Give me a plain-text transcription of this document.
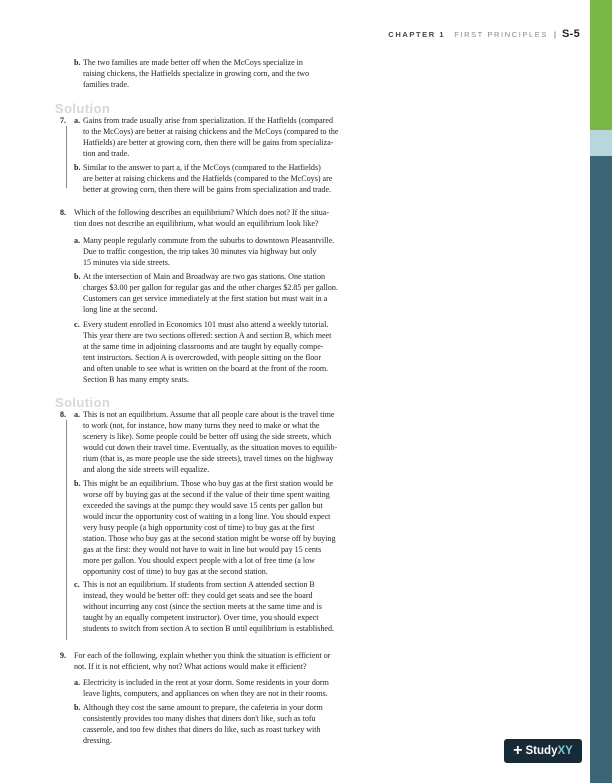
CHAPTER 1 FIRST PRINCIPLES | S-5
b. The two families are made better off when the McCoys specialize in
raising chickens, the Hatfields specialize in growing corn, and the two
families trade.
Solution
7. a. Gains from trade usually arise from specialization. If the Hatfields (compared
to the McCoys) are better at raising chickens and the McCoys (compared to the
Hatfields) are better at growing corn, then there will be gains from specializa-
tion and trade.
b. Similar to the answer to part a, if the McCoys (compared to the Hatfields)
are better at raising chickens and the Hatfields (compared to the McCoys) are
better at growing corn, then there will be gains from specialization and trade.
8. Which of the following describes an equilibrium? Which does not? If the situa-
tion does not describe an equilibrium, what would an equilibrium look like?
a. Many people regularly commute from the suburbs to downtown Pleasantville.
Due to traffic congestion, the trip takes 30 minutes via highway but only
15 minutes via side streets.
b. At the intersection of Main and Broadway are two gas stations. One station
charges $3.00 per gallon for regular gas and the other charges $2.85 per gallon.
Customers can get service immediately at the first station but must wait in a
long line at the second.
c. Every student enrolled in Economics 101 must also attend a weekly tutorial.
This year there are two sections offered: section A and section B, which meet
at the same time in adjoining classrooms and are taught by equally compe-
tent instructors. Section A is overcrowded, with people sitting on the floor
and often unable to see what is written on the board at the front of the room.
Section B has many empty seats.
Solution
8. a. This is not an equilibrium. Assume that all people care about is the travel time
to work (not, for instance, how many turns they need to make or what the
scenery is like). Some people could be better off using the side streets, which
would cut down their travel time. Eventually, as the situation moves to equilib-
rium (that is, as more people use the side streets), travel times on the highway
and along the side streets will equalize.
b. This might be an equilibrium. Those who buy gas at the first station would be
worse off by buying gas at the second if the value of their time spent waiting
exceeded the savings at the pump: they would save 15 cents per gallon but
would incur the opportunity cost of waiting in a long line. You should expect
very busy people (a high opportunity cost of time) to buy gas at the first
station. Those who buy gas at the second station might be worse off by buying
gas at the first: they would not have to wait in line but would pay 15 cents
more per gallon. You should expect people with a lot of free time (a low
opportunity cost of time) to buy gas at the second station.
c. This is not an equilibrium. If students from section A attended section B
instead, they would be better off: they could get seats and see the board
without incurring any cost (since the section meets at the same time and is
taught by an equally competent instructor). Over time, you should expect
students to switch from section A to section B until equilibrium is established.
9. For each of the following, explain whether you think the situation is efficient or
not. If it is not efficient, why not? What actions would make it efficient?
a. Electricity is included in the rent at your dorm. Some residents in your dorm
leave lights, computers, and appliances on when they are not in their rooms.
b. Although they cost the same amount to prepare, the cafeteria in your dorm
consistently provides too many dishes that diners don't like, such as tofu
casserole, and too few dishes that diners do like, such as roast turkey with
dressing.
+ Study XY
